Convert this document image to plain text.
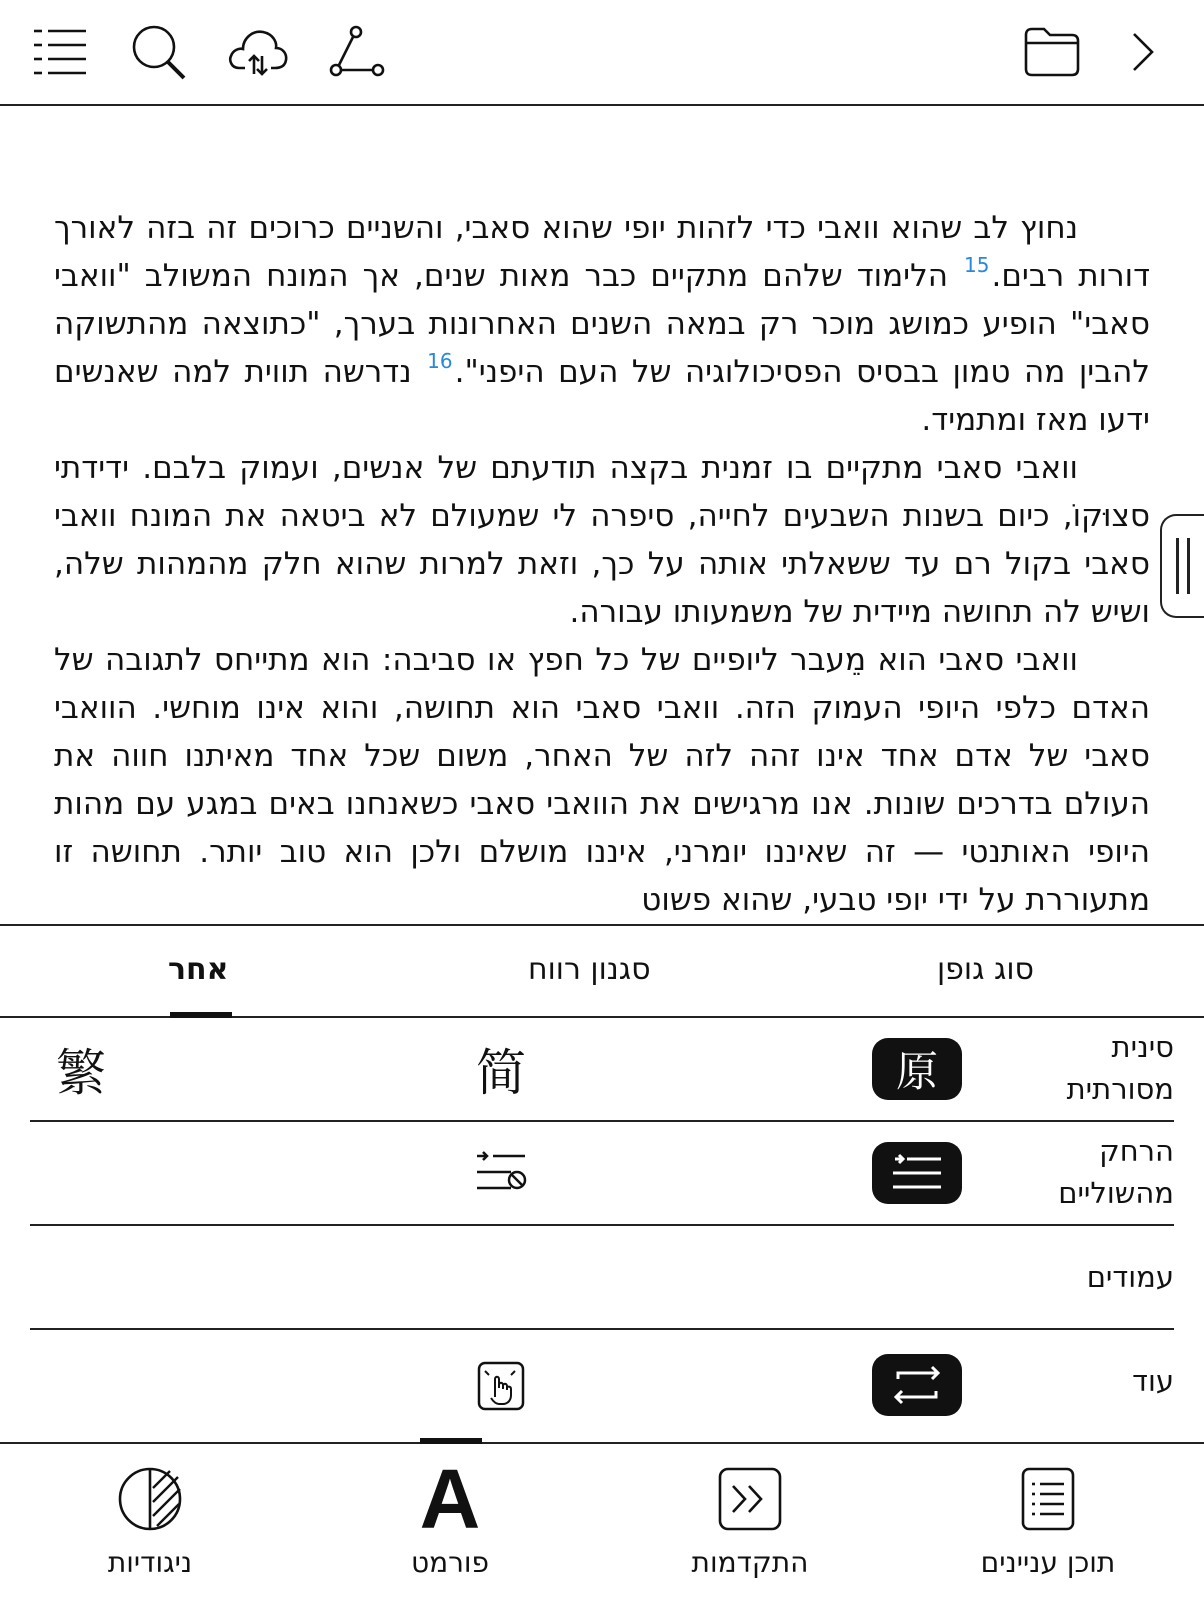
נחוץ לב שהוא וואבי כדי לזהות יופי שהוא סאבי, והשניים כרוכים זה בזה לאורך דורות רבים.$^{15}$ הלימוד שלהם מתקיים כבר מאות שנים, אך המונח המשולב "וואבי סאבי" הופיע כמושג מוכר רק במאה השנים האחרונות בערך, "כתוצאה מהתשוקה להבין מה טמון בבסיס הפסיכולוגיה של העם היפני".$^{16}$ נדרשה תווית למה שאנשים ידעו מאז ומתמיד.

וואבי סאבי מתקיים בו זמנית בקצה תודעתם של אנשים, ועמוק בלבם. ידידתי סצוּקוֹ, כיום בשנות השבעים לחייה, סיפרה לי שמעולם לא ביטאה את המונח וואבי סאבי בקול רם עד ששאלתי אותה על כך, וזאת למרות שהוא חלק מהמהות שלה, ושיש לה תחושה מיידית של משמעותו עבורה.

וואבי סאבי הוא מֵעבר ליופיים של כל חפץ או סביבה: הוא מתייחס לתגובה של האדם כלפי היופי העמוק הזה. וואבי סאבי הוא תחושה, והוא אינו מוחשי. הוואבי סאבי של אדם אחד אינו זהה לזה של האחר, משום שכל אחד מאיתנו חווה את העולם בדרכים שונות. אנו מרגישים את הוואבי סאבי כשאנחנו באים במגע עם מהות היופי האותנטי — זה שאיננו יומרני, איננו מושלם ולכן הוא טוב יותר. תחושה זו מתעוררת על ידי יופי טבעי, שהוא פשוט

סוג גופן
סגנון רווח
אחר
סינית
מסורתית
原
简
繁
הרחק
מהשוליים
עמודים
עוד
ניגודיות
A
פורמט	התקדמות	תוכן עניינים
